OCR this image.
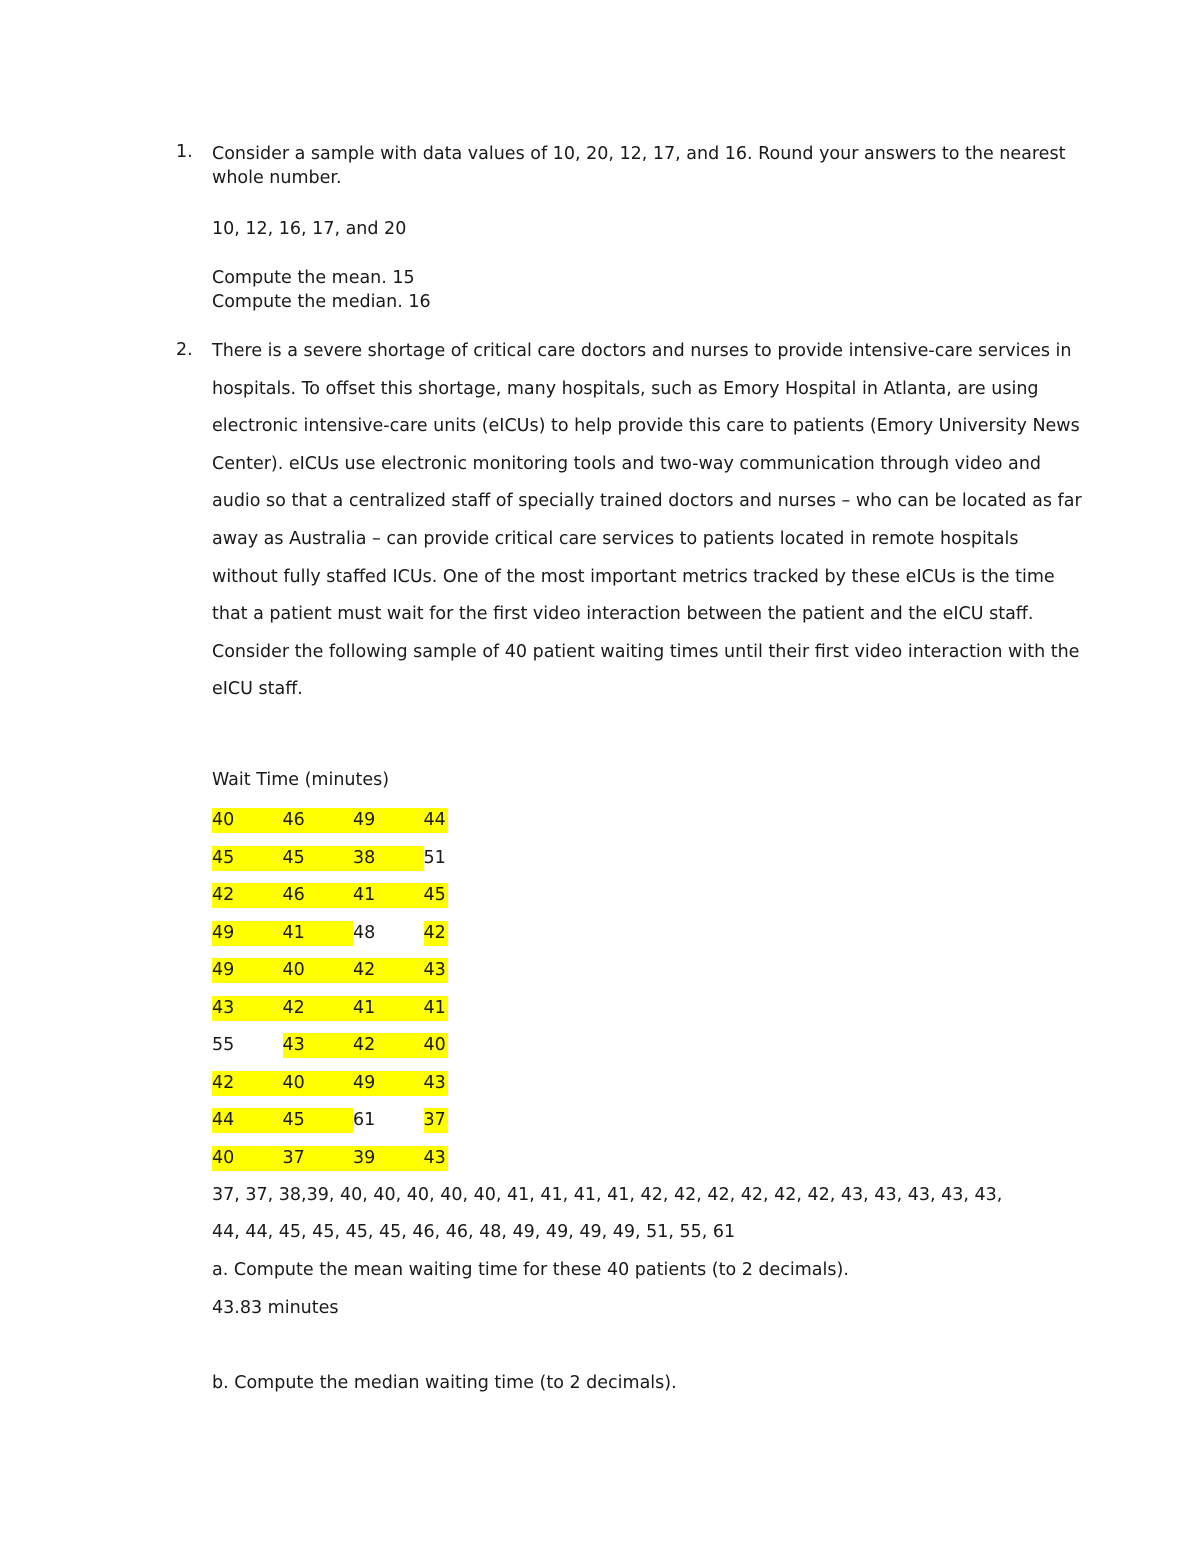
1.	Consider a sample with data values of 10, 20, 12, 17, and 16. Round your answers to the nearest whole number.
10, 12, 16, 17, and 20
Compute the mean. 15
Compute the median. 16
2.	There is a severe shortage of critical care doctors and nurses to provide intensive-care services in hospitals. To offset this shortage, many hospitals, such as Emory Hospital in Atlanta, are using electronic intensive-care units (eICUs) to help provide this care to patients (Emory University News Center). eICUs use electronic monitoring tools and two-way communication through video and audio so that a centralized staff of specially trained doctors and nurses – who can be located as far away as Australia – can provide critical care services to patients located in remote hospitals without fully staffed ICUs. One of the most important metrics tracked by these eICUs is the time that a patient must wait for the first video interaction between the patient and the eICU staff. Consider the following sample of 40 patient waiting times until their first video interaction with the eICU staff.
Wait Time (minutes)
40	46	49	44
45	45	38	51
42	46	41	45
49	41	48	42
49	40	42	43
43	42	41	41
55	43	42	40
42	40	49	43
44	45	61	37
40	37	39	43
37, 37, 38,39, 40, 40, 40, 40, 40, 41, 41, 41, 41, 42, 42, 42, 42, 42, 42, 43, 43, 43, 43, 43,
44, 44, 45, 45, 45, 45, 46, 46, 48, 49, 49, 49, 49, 51, 55, 61
a. Compute the mean waiting time for these 40 patients (to 2 decimals).
43.83 minutes
b. Compute the median waiting time (to 2 decimals).
